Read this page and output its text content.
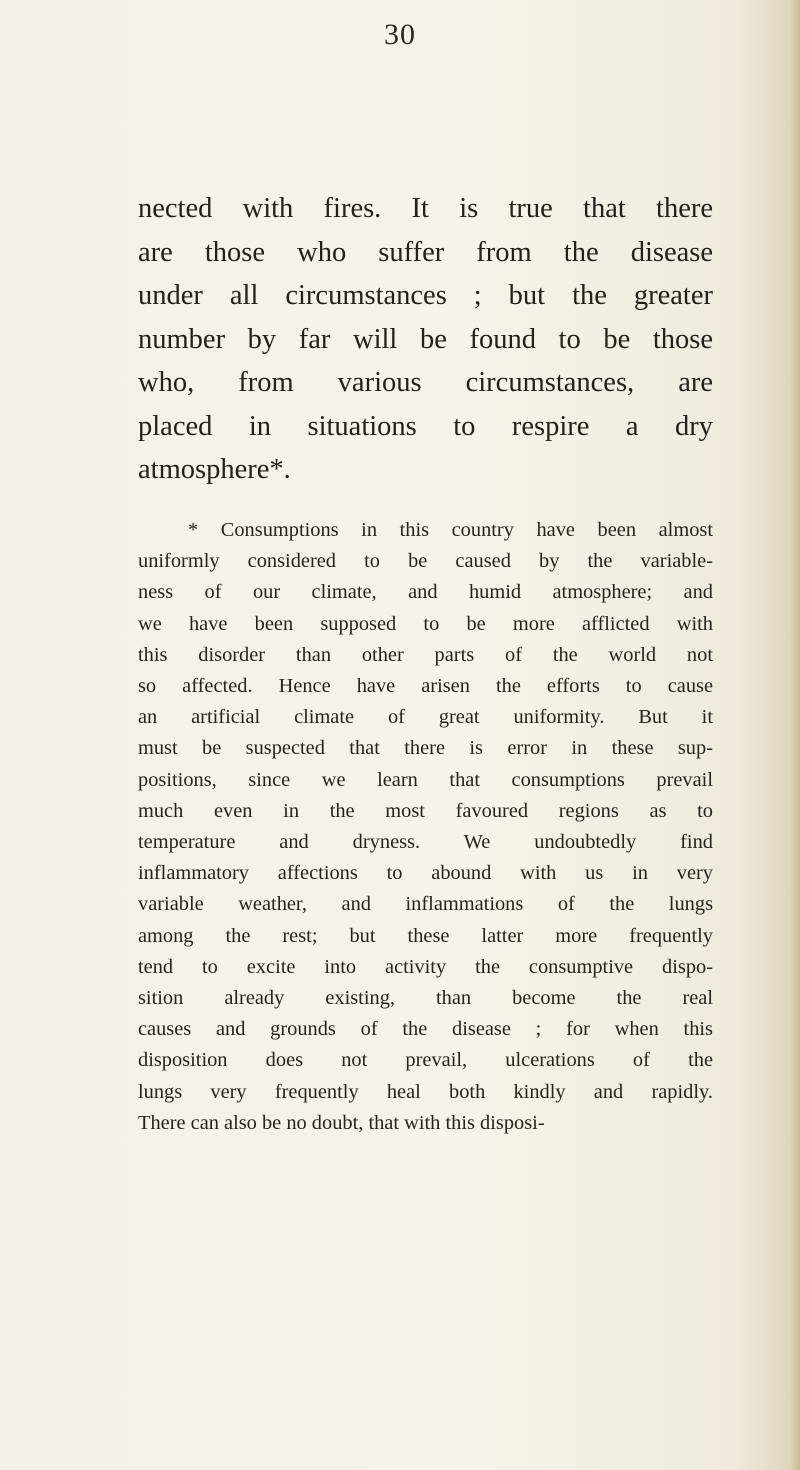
30
nected with fires. It is true that there
are those who suffer from the disease
under all circumstances ; but the greater
number by far will be found to be those
who, from various circumstances, are
placed in situations to respire a dry
atmosphere*.
* Consumptions in this country have been almost
uniformly considered to be caused by the variable-
ness of our climate, and humid atmosphere; and
we have been supposed to be more afflicted with
this disorder than other parts of the world not
so affected. Hence have arisen the efforts to cause
an artificial climate of great uniformity. But it
must be suspected that there is error in these sup-
positions, since we learn that consumptions prevail
much even in the most favoured regions as to
temperature and dryness. We undoubtedly find
inflammatory affections to abound with us in very
variable weather, and inflammations of the lungs
among the rest; but these latter more frequently
tend to excite into activity the consumptive dispo-
sition already existing, than become the real
causes and grounds of the disease ; for when this
disposition does not prevail, ulcerations of the
lungs very frequently heal both kindly and rapidly.
There can also be no doubt, that with this disposi-
